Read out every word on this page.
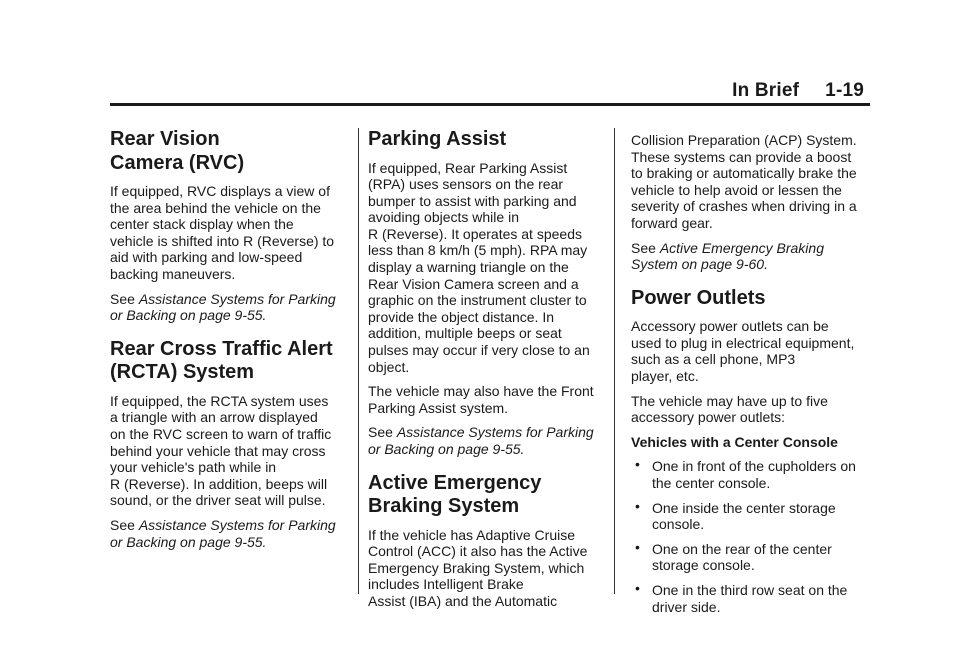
In Brief 1-19
Rear Vision
Camera (RVC)

If equipped, RVC displays a view of
the area behind the vehicle on the
center stack display when the
vehicle is shifted into R (Reverse) to
aid with parking and low-speed
backing maneuvers.

See Assistance Systems for Parking
or Backing on page 9-55.

Rear Cross Traffic Alert
(RCTA) System

If equipped, the RCTA system uses
a triangle with an arrow displayed
on the RVC screen to warn of traffic
behind your vehicle that may cross
your vehicle's path while in
R (Reverse). In addition, beeps will
sound, or the driver seat will pulse.

See Assistance Systems for Parking
or Backing on page 9-55.

Parking Assist

If equipped, Rear Parking Assist
(RPA) uses sensors on the rear
bumper to assist with parking and
avoiding objects while in
R (Reverse). It operates at speeds
less than 8 km/h (5 mph). RPA may
display a warning triangle on the
Rear Vision Camera screen and a
graphic on the instrument cluster to
provide the object distance. In
addition, multiple beeps or seat
pulses may occur if very close to an
object.

The vehicle may also have the Front
Parking Assist system.

See Assistance Systems for Parking
or Backing on page 9-55.

Active Emergency
Braking System

If the vehicle has Adaptive Cruise
Control (ACC) it also has the Active
Emergency Braking System, which
includes Intelligent Brake
Assist (IBA) and the Automatic

Collision Preparation (ACP) System.
These systems can provide a boost
to braking or automatically brake the
vehicle to help avoid or lessen the
severity of crashes when driving in a
forward gear.

See Active Emergency Braking
System on page 9-60.

Power Outlets

Accessory power outlets can be
used to plug in electrical equipment,
such as a cell phone, MP3
player, etc.

The vehicle may have up to five
accessory power outlets:

Vehicles with a Center Console

• One in front of the cupholders on
the center console.
• One inside the center storage
console.
• One on the rear of the center
storage console.
• One in the third row seat on the
driver side.
